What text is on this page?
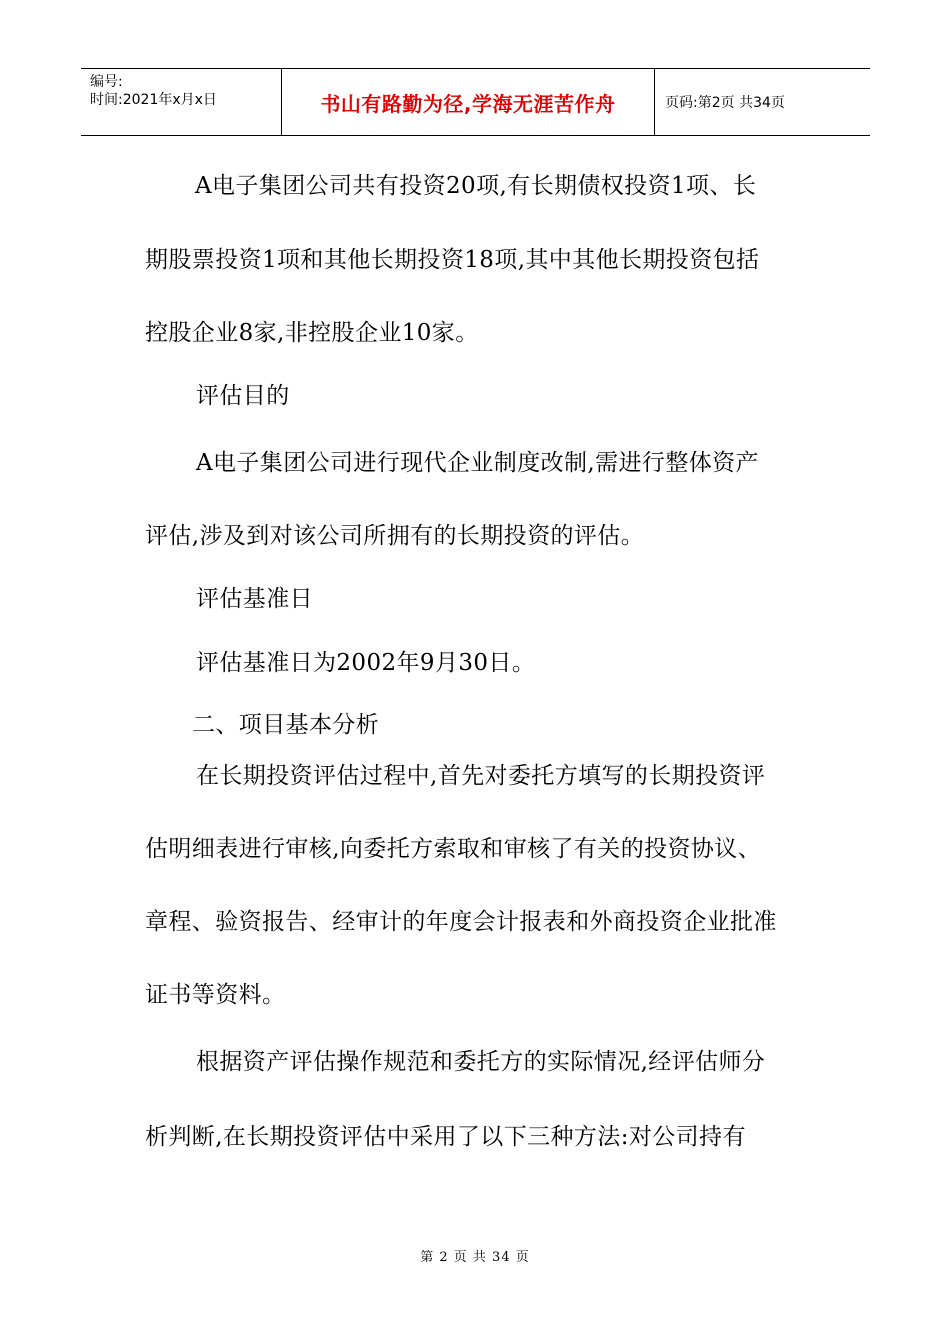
编号:
时间:2021年x月x日	书山有路勤为径,学海无涯苦作舟	页码:第2页 共34页
A电子集团公司共有投资20项,有长期债权投资1项、长
期股票投资1项和其他长期投资18项,其中其他长期投资包括
控股企业8家,非控股企业10家。
评估目的
A电子集团公司进行现代企业制度改制,需进行整体资产
评估,涉及到对该公司所拥有的长期投资的评估。
评估基准日
评估基准日为2002年9月30日。
二、项目基本分析
在长期投资评估过程中,首先对委托方填写的长期投资评
估明细表进行审核,向委托方索取和审核了有关的投资协议、
章程、验资报告、经审计的年度会计报表和外商投资企业批准
证书等资料。
根据资产评估操作规范和委托方的实际情况,经评估师分
析判断,在长期投资评估中采用了以下三种方法:对公司持有
第 2 页 共 34 页
